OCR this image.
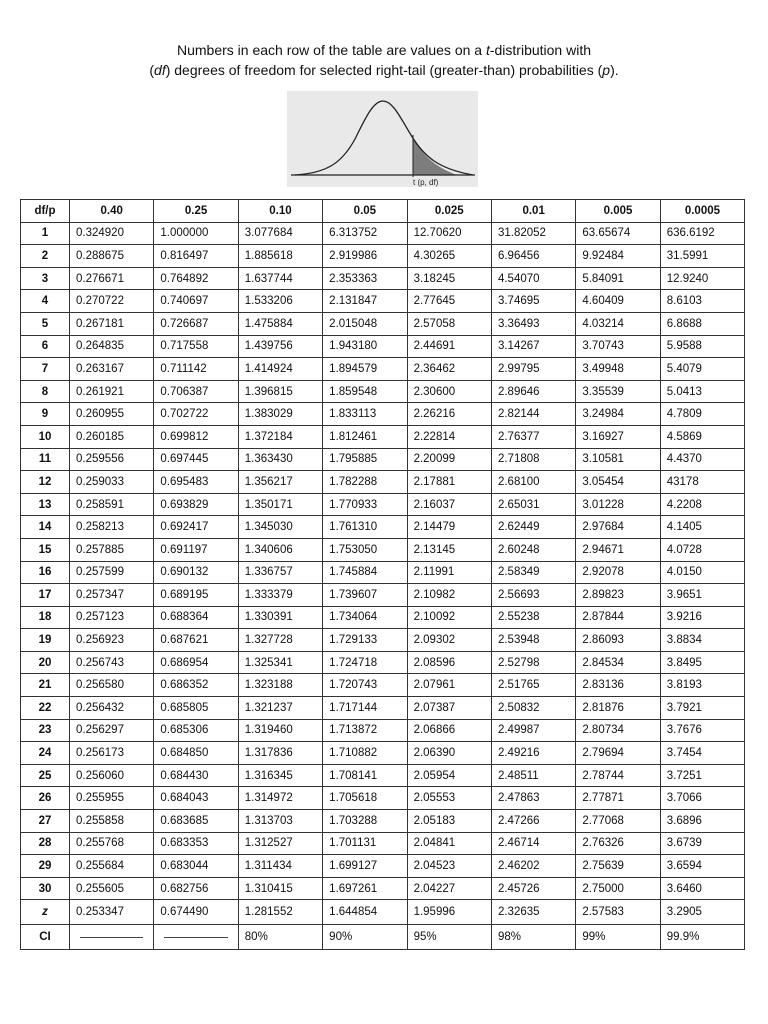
Numbers in each row of the table are values on a t-distribution with
(df) degrees of freedom for selected right-tail (greater-than) probabilities (p).
t (p, df)
df/p	0.40	0.25	0.10	0.05	0.025	0.01	0.005	0.0005
1	0.324920	1.000000	3.077684	6.313752	12.70620	31.82052	63.65674	636.6192
2	0.288675	0.816497	1.885618	2.919986	4.30265	6.96456	9.92484	31.5991
3	0.276671	0.764892	1.637744	2.353363	3.18245	4.54070	5.84091	12.9240
4	0.270722	0.740697	1.533206	2.131847	2.77645	3.74695	4.60409	8.6103
5	0.267181	0.726687	1.475884	2.015048	2.57058	3.36493	4.03214	6.8688
6	0.264835	0.717558	1.439756	1.943180	2.44691	3.14267	3.70743	5.9588
7	0.263167	0.711142	1.414924	1.894579	2.36462	2.99795	3.49948	5.4079
8	0.261921	0.706387	1.396815	1.859548	2.30600	2.89646	3.35539	5.0413
9	0.260955	0.702722	1.383029	1.833113	2.26216	2.82144	3.24984	4.7809
10	0.260185	0.699812	1.372184	1.812461	2.22814	2.76377	3.16927	4.5869
11	0.259556	0.697445	1.363430	1.795885	2.20099	2.71808	3.10581	4.4370
12	0.259033	0.695483	1.356217	1.782288	2.17881	2.68100	3.05454	43178
13	0.258591	0.693829	1.350171	1.770933	2.16037	2.65031	3.01228	4.2208
14	0.258213	0.692417	1.345030	1.761310	2.14479	2.62449	2.97684	4.1405
15	0.257885	0.691197	1.340606	1.753050	2.13145	2.60248	2.94671	4.0728
16	0.257599	0.690132	1.336757	1.745884	2.11991	2.58349	2.92078	4.0150
17	0.257347	0.689195	1.333379	1.739607	2.10982	2.56693	2.89823	3.9651
18	0.257123	0.688364	1.330391	1.734064	2.10092	2.55238	2.87844	3.9216
19	0.256923	0.687621	1.327728	1.729133	2.09302	2.53948	2.86093	3.8834
20	0.256743	0.686954	1.325341	1.724718	2.08596	2.52798	2.84534	3.8495
21	0.256580	0.686352	1.323188	1.720743	2.07961	2.51765	2.83136	3.8193
22	0.256432	0.685805	1.321237	1.717144	2.07387	2.50832	2.81876	3.7921
23	0.256297	0.685306	1.319460	1.713872	2.06866	2.49987	2.80734	3.7676
24	0.256173	0.684850	1.317836	1.710882	2.06390	2.49216	2.79694	3.7454
25	0.256060	0.684430	1.316345	1.708141	2.05954	2.48511	2.78744	3.7251
26	0.255955	0.684043	1.314972	1.705618	2.05553	2.47863	2.77871	3.7066
27	0.255858	0.683685	1.313703	1.703288	2.05183	2.47266	2.77068	3.6896
28	0.255768	0.683353	1.312527	1.701131	2.04841	2.46714	2.76326	3.6739
29	0.255684	0.683044	1.311434	1.699127	2.04523	2.46202	2.75639	3.6594
30	0.255605	0.682756	1.310415	1.697261	2.04227	2.45726	2.75000	3.6460
z	0.253347	0.674490	1.281552	1.644854	1.95996	2.32635	2.57583	3.2905
CI			80%	90%	95%	98%	99%	99.9%
